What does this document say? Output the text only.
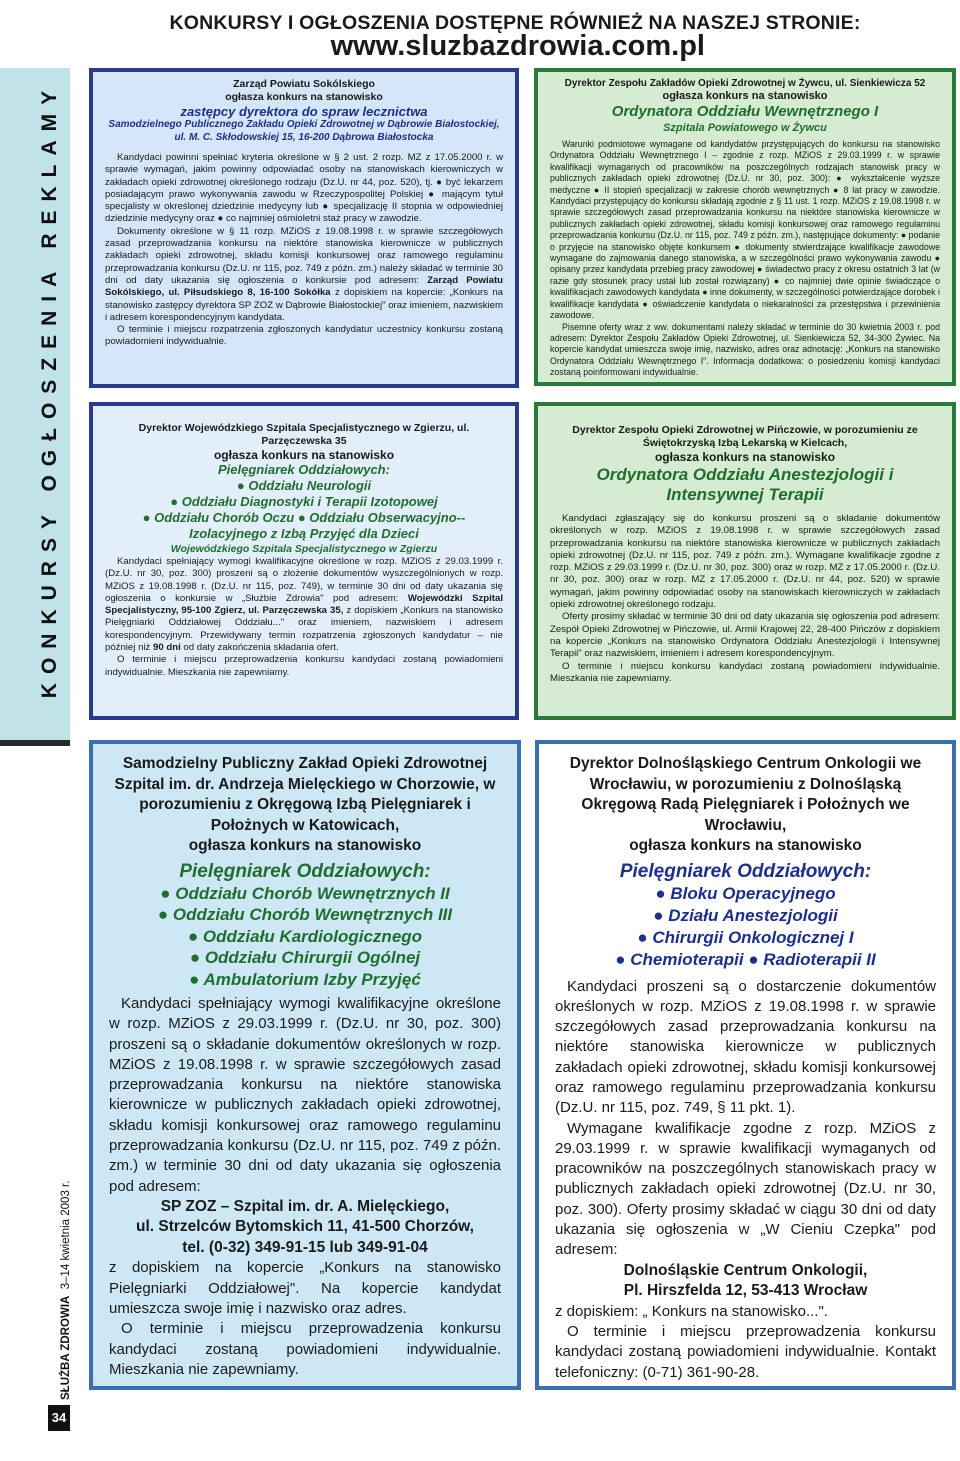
KONKURSY OGŁOSZENIA REKLAMY
SŁUŻBA ZDROWIA  3–14 kwietnia 2003 r.
34
KONKURSY I OGŁOSZENIA DOSTĘPNE RÓWNIEŻ NA NASZEJ STRONIE:
www.sluzbazdrowia.com.pl

Zarząd Powiatu Sokólskiego

ogłasza konkurs na stanowisko

zastępcy dyrektora do spraw lecznictwa

Samodzielnego Publicznego Zakładu Opieki Zdrowotnej w Dąbrowie Białostockiej, ul. M. C. Skłodowskiej 15, 16-200 Dąbrowa Białostocka

Kandydaci powinni spełniać kryteria określone w § 2 ust. 2 rozp. MZ z 17.05.2000 r. w sprawie wymagań, jakim powinny odpowiadać osoby na stanowiskach kierowniczych w zakładach opieki zdrowotnej określonego rodzaju (Dz.U. nr 44, poz. 520), tj. ● być lekarzem posiadającym prawo wykonywania zawodu w Rzeczypospolitej Polskiej ● mającym tytuł specjalisty w określonej dziedzinie medycyny lub ● specjalizację II stopnia w odpowiedniej dziedzinie medycyny oraz ● co najmniej ośmioletni staż pracy w zawodzie.

Dokumenty określone w § 11 rozp. MZiOS z 19.08.1998 r. w sprawie szczegółowych zasad przeprowadzania konkursu na niektóre stanowiska kierownicze w publicznych zakładach opieki zdrowotnej, składu komisji konkursowej oraz ramowego regulaminu przeprowadzania konkursu (Dz.U. nr 115, poz. 749 z późn. zm.) należy składać w terminie 30 dni od daty ukazania się ogłoszenia o konkursie pod adresem: Zarząd Powiatu Sokólskiego, ul. Piłsudskiego 8, 16-100 Sokółka z dopiskiem na kopercie: „Konkurs na stanowisko zastępcy dyrektora SP ZOZ w Dąbrowie Białostockiej" oraz imieniem, nazwiskiem i adresem korespondencyjnym kandydata.

O terminie i miejscu rozpatrzenia zgłoszonych kandydatur uczestnicy konkursu zostaną powiadomieni indywidualnie.

Dyrektor Wojewódzkiego Szpitala Specjalistycznego w Zgierzu, ul. Parzęczewska 35

ogłasza konkurs na stanowisko

Pielęgniarek Oddziałowych:

● Oddziału Neurologii

● Oddziału Diagnostyki i Terapii Izotopowej

● Oddziału Chorób Oczu ● Oddziału Obserwacyjno--Izolacyjnego z Izbą Przyjęć dla Dzieci

Wojewódzkiego Szpitala Specjalistycznego w Zgierzu

Kandydaci spełniający wymogi kwalifikacyjne określone w rozp. MZiOS z 29.03.1999 r. (Dz.U. nr 30, poz. 300) proszeni są o złożenie dokumentów wyszczególnionych w rozp. MZiOS z 19.08.1998 r. (Dz.U. nr 115, poz. 749), w terminie 30 dni od daty ukazania się ogłoszenia o konkursie w „Służbie Zdrowia" pod adresem: Wojewódzki Szpital Specjalistyczny, 95-100 Zgierz, ul. Parzęczewska 35, z dopiskiem „Konkurs na stanowisko Pielęgniarki Oddziałowej Oddziału..." oraz imieniem, nazwiskiem i adresem korespondencyjnym. Przewidywany termin rozpatrzenia zgłoszonych kandydatur – nie później niż 90 dni od daty zakończenia składania ofert.

O terminie i miejscu przeprowadzenia konkursu kandydaci zostaną powiadomieni indywidualnie. Mieszkania nie zapewniamy.

Dyrektor Zespołu Zakładów Opieki Zdrowotnej w Żywcu, ul. Sienkiewicza 52

ogłasza konkurs na stanowisko

Ordynatora Oddziału Wewnętrznego I

Szpitala Powiatowego w Żywcu

Warunki podmiotowe wymagane od kandydatów przystępujących do konkursu na stanowisko Ordynatora Oddziału Wewnętrznego I – zgodnie z rozp. MZiOS z 29.03.1999 r. w sprawie kwalifikacji wymaganych od pracowników na poszczególnych rodzajach stanowisk pracy w publicznych zakładach opieki zdrowotnej (Dz.U. nr 30, poz. 300): ● wykształcenie wyższe medyczne ● II stopień specjalizacji w zakresie chorób wewnętrznych ● 8 lat pracy w zawodzie. Kandydaci przystępujący do konkursu składają zgodnie z § 11 ust. 1 rozp. MZiOS z 19.08.1998 r. w sprawie szczegółowych zasad przeprowadzania konkursu na niektóre stanowiska kierownicze w publicznych zakładach opieki zdrowotnej, składu komisji konkursowej oraz ramowego regulaminu przeprowadzania konkursu (Dz.U. nr 115, poz. 749 z późn. zm.), następujące dokumenty: ● podanie o przyjęcie na stanowisko objęte konkursem ● dokumenty stwierdzające kwalifikacje zawodowe wymagane do zajmowania danego stanowiska, a w szczególności prawo wykonywania zawodu ● opisany przez kandydata przebieg pracy zawodowej ● świadectwo pracy z okresu ostatnich 3 lat (w razie gdy stosunek pracy ustał lub został rozwiązany) ● co najmniej dwie opinie świadczące o kwalifikacjach zawodowych kandydata ● inne dokumenty, w szczególności potwierdzające dorobek i kwalifikacje kandydata ● oświadczenie kandydata o niekaralności za przestępstwa i przewinienia zawodowe.

Pisemne oferty wraz z ww. dokumentami należy składać w terminie do 30 kwietnia 2003 r. pod adresem: Dyrektor Zespołu Zakładów Opieki Zdrowotnej, ul. Sienkiewicza 52, 34-300 Żywiec. Na kopercie kandydat umieszcza swoje imię, nazwisko, adres oraz adnotację: „Konkurs na stanowisko Ordynatora Oddziału Wewnętrznego I". Informacja dodatkowa: o posiedzeniu komisji kandydaci zostaną poinformowani indywidualnie.

Dyrektor Zespołu Opieki Zdrowotnej w Pińczowie, w porozumieniu ze Świętokrzyską Izbą Lekarską w Kielcach,

ogłasza konkurs na stanowisko

Ordynatora Oddziału Anestezjologii i Intensywnej Terapii

Kandydaci zgłaszający się do konkursu proszeni są o składanie dokumentów określonych w rozp. MZiOS z 19.08.1998 r. w sprawie szczegółowych zasad przeprowadzania konkursu na niektóre stanowiska kierownicze w publicznych zakładach opieki zdrowotnej (Dz.U. nr 115, poz. 749 z późn. zm.). Wymagane kwalifikacje zgodne z rozp. MZiOS z 29.03.1999 r. (Dz.U. nr 30, poz. 300) oraz w rozp. MZ z 17.05.2000 r. (Dz.U. nr 30, poz. 300) oraz w rozp. MZ z 17.05.2000 r. (Dz.U. nr 44, poz. 520) w sprawie wymagań, jakim powinny odpowiadać osoby na stanowiskach kierowniczych w zakładach opieki zdrowotnej określonego rodzaju.

Oferty prosimy składać w terminie 30 dni od daty ukazania się ogłoszenia pod adresem: Zespół Opieki Zdrowotnej w Pińczowie, ul. Armii Krajowej 22, 28-400 Pińczów z dopiskiem na kopercie „Konkurs na stanowisko Ordynatora Oddziału Anestezjologii i Intensywnej Terapii" oraz nazwiskiem, imieniem i adresem korespondencyjnym.

O terminie i miejscu konkursu kandydaci zostaną powiadomieni indywidualnie. Mieszkania nie zapewniamy.

Samodzielny Publiczny Zakład Opieki Zdrowotnej Szpital im. dr. Andrzeja Mielęckiego w Chorzowie, w porozumieniu z Okręgową Izbą Pielęgniarek i Położnych w Katowicach,

ogłasza konkurs na stanowisko

Pielęgniarek Oddziałowych:

● Oddziału Chorób Wewnętrznych II

● Oddziału Chorób Wewnętrznych III

● Oddziału Kardiologicznego

● Oddziału Chirurgii Ogólnej

● Ambulatorium Izby Przyjęć

Kandydaci spełniający wymogi kwalifikacyjne określone w rozp. MZiOS z 29.03.1999 r. (Dz.U. nr 30, poz. 300) proszeni są o składanie dokumentów określonych w rozp. MZiOS z 19.08.1998 r. w sprawie szczegółowych zasad przeprowadzania konkursu na niektóre stanowiska kierownicze w publicznych zakładach opieki zdrowotnej, składu komisji konkursowej oraz ramowego regulaminu przeprowadzania konkursu (Dz.U. nr 115, poz. 749 z późn. zm.) w terminie 30 dni od daty ukazania się ogłoszenia pod adresem:

SP ZOZ – Szpital im. dr. A. Mielęckiego,

ul. Strzelców Bytomskich 11, 41-500 Chorzów,

tel. (0-32) 349-91-15 lub 349-91-04

z dopiskiem na kopercie „Konkurs na stanowisko Pielęgniarki Oddziałowej". Na kopercie kandydat umieszcza swoje imię i nazwisko oraz adres.

O terminie i miejscu przeprowadzenia konkursu kandydaci zostaną powiadomieni indywidualnie. Mieszkania nie zapewniamy.

Dyrektor Dolnośląskiego Centrum Onkologii we Wrocławiu, w porozumieniu z Dolnośląską Okręgową Radą Pielęgniarek i Położnych we Wrocławiu,

ogłasza konkurs na stanowisko

Pielęgniarek Oddziałowych:

● Bloku Operacyjnego

● Działu Anestezjologii

● Chirurgii Onkologicznej I

● Chemioterapii ● Radioterapii II

Kandydaci proszeni są o dostarczenie dokumentów określonych w rozp. MZiOS z 19.08.1998 r. w sprawie szczegółowych zasad przeprowadzania konkursu na niektóre stanowiska kierownicze w publicznych zakładach opieki zdrowotnej, składu komisji konkursowej oraz ramowego regulaminu przeprowadzania konkursu (Dz.U. nr 115, poz. 749, § 11 pkt. 1).

Wymagane kwalifikacje zgodne z rozp. MZiOS z 29.03.1999 r. w sprawie kwalifikacji wymaganych od pracowników na poszczególnych stanowiskach pracy w publicznych zakładach opieki zdrowotnej (Dz.U. nr 30, poz. 300). Oferty prosimy składać w ciągu 30 dni od daty ukazania się ogłoszenia w „W Cieniu Czepka" pod adresem:

Dolnośląskie Centrum Onkologii,

Pl. Hirszfelda 12, 53-413 Wrocław

z dopiskiem: „ Konkurs na stanowisko...".

O terminie i miejscu przeprowadzenia konkursu kandydaci zostaną powiadomieni indywidualnie. Kontakt telefoniczny: (0-71) 361-90-28.
